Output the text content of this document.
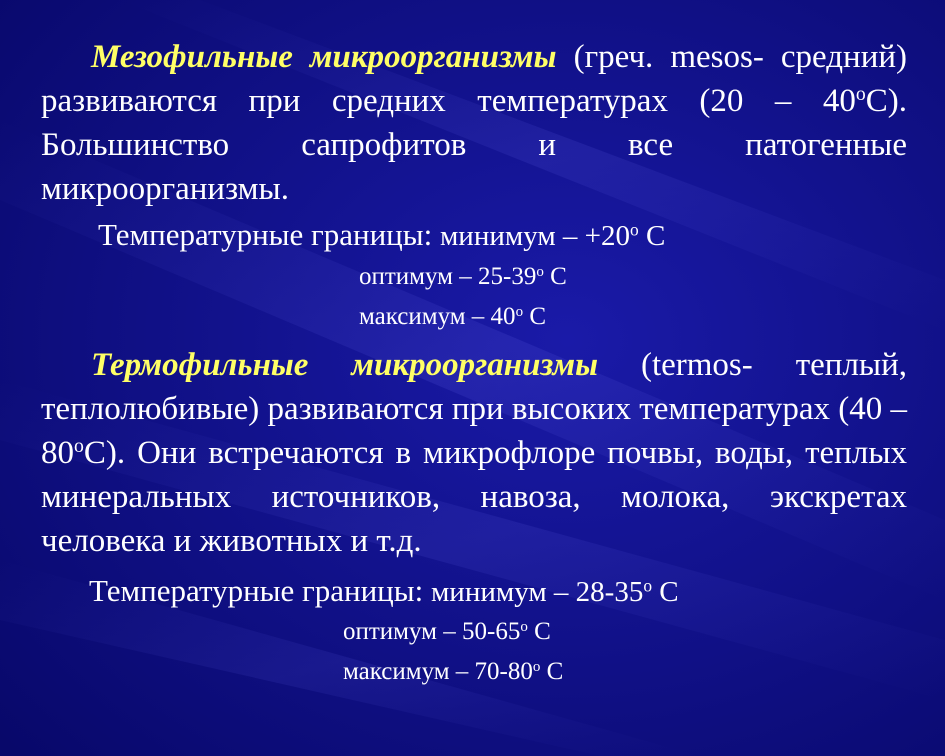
Мезофильные микроорганизмы (греч. mesos- средний) развиваются при средних температурах $(20 - 40^оС)$. Большинство сапрофитов и все патогенные микроорганизмы.

Температурные границы: минимум – $+20^о$ С
оптимум – $25-39^о$ С
максимум – $40^о$ С

Термофильные микроорганизмы (termos- теплый, теплолюбивые) развиваются при высоких температурах $(40 - 80^оС)$. Они встречаются в микрофлоре почвы, воды, теплых минеральных источников, навоза, молока, экскретах человека и животных и т.д.

Температурные границы: минимум – $28-35^о$ С
оптимум – $50-65^о$ С
максимум – $70-80^о$ С
